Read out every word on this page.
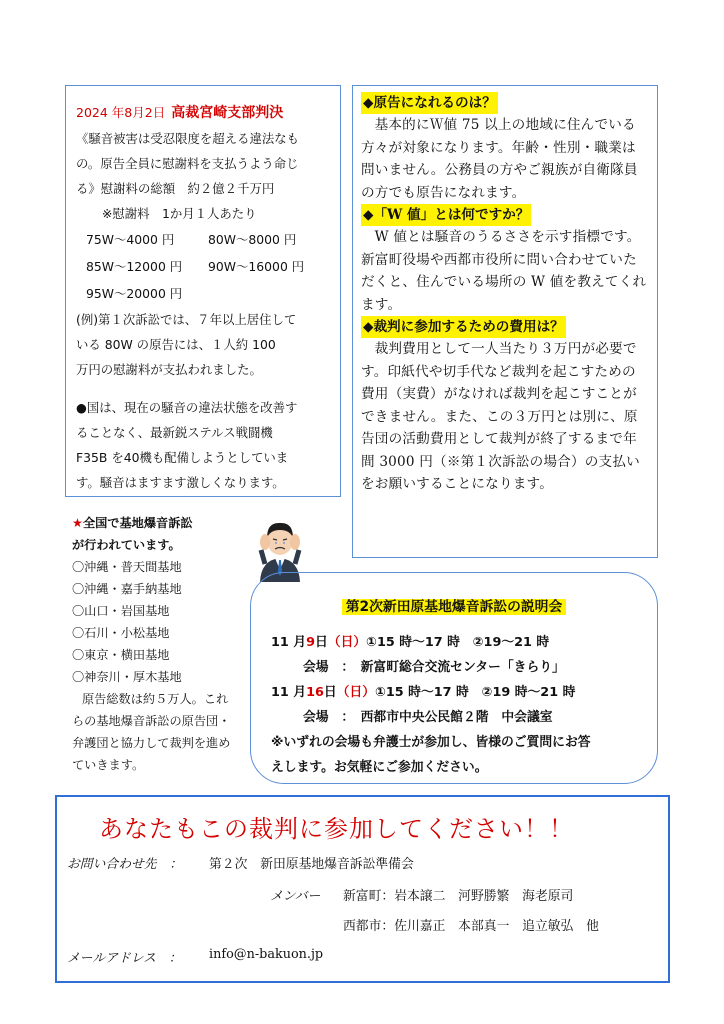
2024 年8月2日 高裁宮崎支部判決

《騒音被害は受忍限度を超える違法なも

の。原告全員に慰謝料を支払うよう命じ

る》慰謝料の総額　約２億２千万円

※慰謝料　1か月１人あたり

75W～4000 円	80W～8000 円
85W～12000 円	90W～16000 円
95W～20000 円

(例)第１次訴訟では、７年以上居住して

いる 80W の原告には、１人約 100

万円の慰謝料が支払われました。

●国は、現在の騒音の違法状態を改善す

ることなく、最新鋭ステルス戦闘機

F35B を40機も配備しようとしていま

す。騒音はますます激しくなります。

◆原告になれるのは？

基本的にＷ値 75 以上の地域に住んでいる方々が対象になります。年齢・性別・職業は問いません。公務員の方やご親族が自衛隊員の方でも原告になれます。

◆「W 値」とは何ですか？

W 値とは騒音のうるささを示す指標です。新富町役場や西都市役所に問い合わせていただくと、住んでいる場所の W 値を教えてくれます。

◆裁判に参加するための費用は？

裁判費用として一人当たり３万円が必要です。印紙代や切手代など裁判を起こすための費用（実費）がなければ裁判を起こすことができません。また、この３万円とは別に、原告団の活動費用として裁判が終了するまで年間 3000 円（※第１次訴訟の場合）の支払いをお願いすることになります。

★全国で基地爆音訴訟
が行われています。
〇沖縄・普天間基地
〇沖縄・嘉手納基地
〇山口・岩国基地
〇石川・小松基地
〇東京・横田基地
〇神奈川・厚木基地
原告総数は約５万人。これ
らの基地爆音訴訟の原告団・
弁護団と協力して裁判を進め
ていきます。
第2次新田原基地爆音訴訟の説明会
11 月9日（日）①15 時～17 時　②19～21 時
会場　：　 新富町総合交流センター「きらり」
11 月16日（日）①15 時～17 時　②19 時～21 時
会場　：　 西都市中央公民館２階　中会議室
※いずれの会場も弁護士が参加し、皆様のご質問にお答
えします。お気軽にご参加ください。
あなたもこの裁判に参加してください！！
お問い合わせ先　： 第２次　新田原基地爆音訴訟準備会
メンバー 新富町：岩本譲二　河野勝繁　海老原司
西都市：佐川嘉正　本部真一　追立敏弘　他
メールアドレス　： info@n-bakuon.jp
